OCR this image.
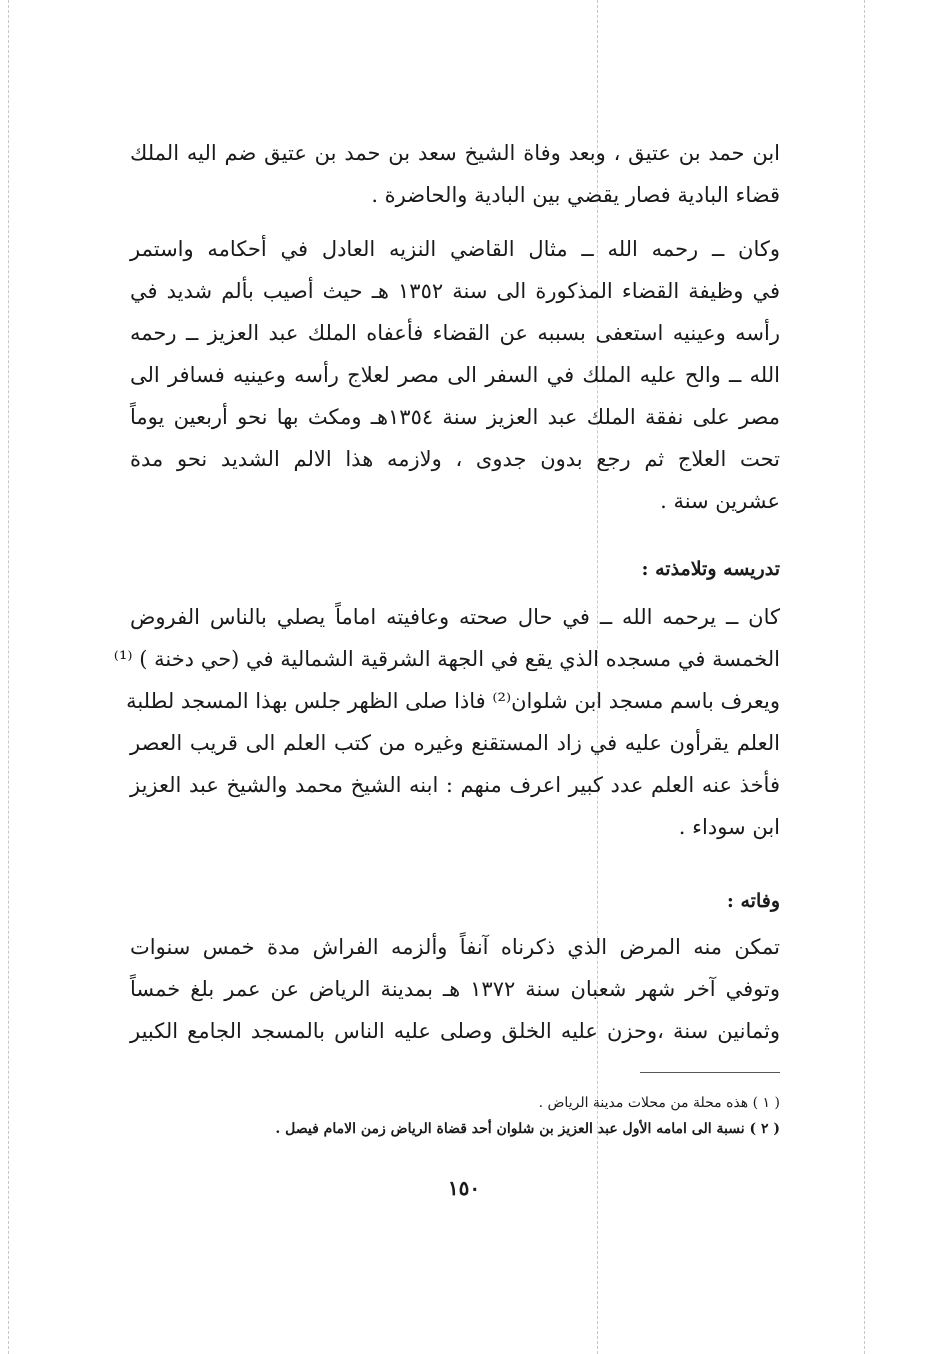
ابن حمد بن عتيق ، وبعد وفاة الشيخ سعد بن حمد بن عتيق ضم اليه الملك
قضاء البادية فصار يقضي بين البادية والحاضرة .
وكان ــ رحمه الله ــ مثال القاضي النزيه العادل في أحكامه واستمر
في وظيفة القضاء المذكورة الى سنة ١٣٥٢ هـ حيث أصيب بألم شديد في
رأسه وعينيه استعفى بسببه عن القضاء فأعفاه الملك عبد العزيز ــ رحمه
الله ــ والح عليه الملك في السفر الى مصر لعلاج رأسه وعينيه فسافر الى
مصر على نفقة الملك عبد العزيز سنة ١٣٥٤هـ ومكث بها نحو أربعين يوماً
تحت العلاج ثم رجع بدون جدوى ، ولازمه هذا الالم الشديد نحو مدة
عشرين سنة .
تدريسه وتلامذته :
كان ــ يرحمه الله ــ في حال صحته وعافيته اماماً يصلي بالناس الفروض
الخمسة في مسجده الذي يقع في الجهة الشرقية الشمالية في (حي دخنة ) ⁽¹⁾
ويعرف باسم مسجد ابن شلوان⁽²⁾ فاذا صلى الظهر جلس بهذا المسجد لطلبة
العلم يقرأون عليه في زاد المستقنع وغيره من كتب العلم الى قريب العصر
فأخذ عنه العلم عدد كبير اعرف منهم : ابنه الشيخ محمد والشيخ عبد العزيز
ابن سوداء .
وفاته :
تمكن منه المرض الذي ذكرناه آنفاً وألزمه الفراش مدة خمس سنوات
وتوفي آخر شهر شعبان سنة ١٣٧٢ هـ بمدينة الرياض عن عمر بلغ خمساً
وثمانين سنة ،وحزن عليه الخلق وصلى عليه الناس بالمسجد الجامع الكبير
( ١ ) هذه محلة من محلات مدينة الرياض .
( ٢ ) نسبة الى امامه الأول عبد العزيز بن شلوان أحد قضاة الرياض زمن الامام فيصل .
١٥٠
